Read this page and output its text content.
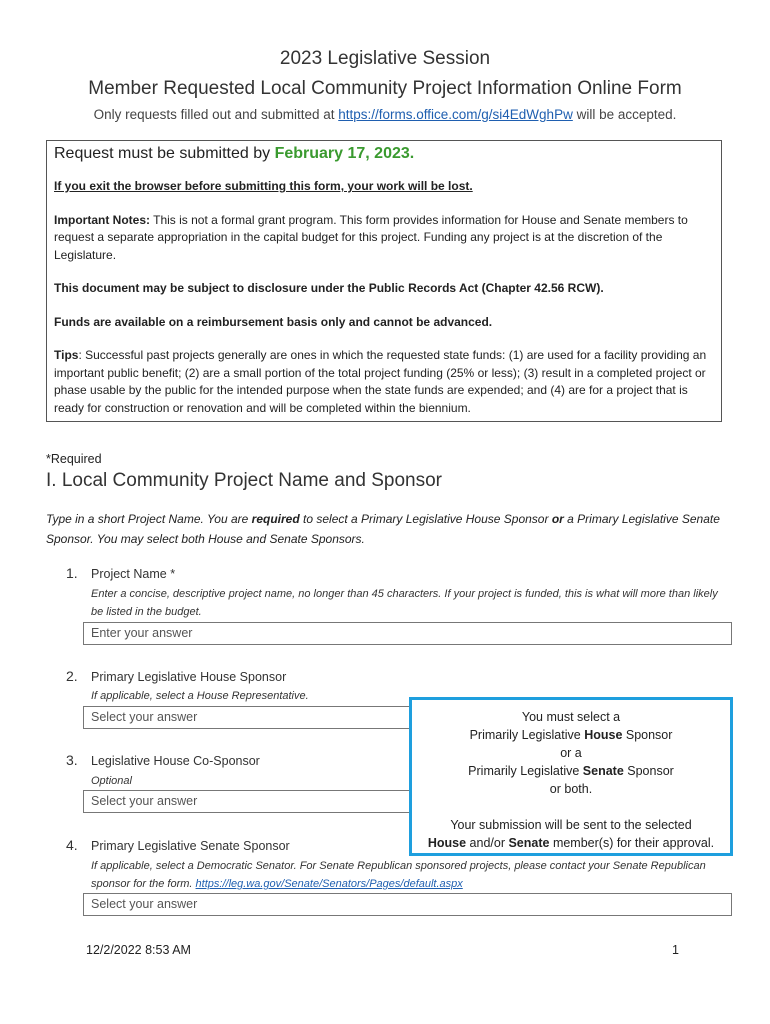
2023 Legislative Session
Member Requested Local Community Project Information Online Form
Only requests filled out and submitted at https://forms.office.com/g/si4EdWghPw will be accepted.
Request must be submitted by February 17, 2023.

If you exit the browser before submitting this form, your work will be lost.

Important Notes: This is not a formal grant program. This form provides information for House and Senate members to request a separate appropriation in the capital budget for this project. Funding any project is at the discretion of the Legislature.

This document may be subject to disclosure under the Public Records Act (Chapter 42.56 RCW).

Funds are available on a reimbursement basis only and cannot be advanced.

Tips: Successful past projects generally are ones in which the requested state funds: (1) are used for a facility providing an important public benefit; (2) are a small portion of the total project funding (25% or less); (3) result in a completed project or phase usable by the public for the intended purpose when the state funds are expended; and (4) are for a project that is ready for construction or renovation and will be completed within the biennium.

*Required
I. Local Community Project Name and Sponsor
Type in a short Project Name. You are required to select a Primary Legislative House Sponsor or a Primary Legislative Senate Sponsor. You may select both House and Senate Sponsors.
1. Project Name *
Enter a concise, descriptive project name, no longer than 45 characters. If your project is funded, this is what will more than likely be listed in the budget.
Enter your answer
2. Primary Legislative House Sponsor
If applicable, select a House Representative.
Select your answer
3. Legislative House Co-Sponsor
Optional
Select your answer
4. Primary Legislative Senate Sponsor
If applicable, select a Democratic Senator. For Senate Republican sponsored projects, please contact your Senate Republican sponsor for the form. https://leg.wa.gov/Senate/Senators/Pages/default.aspx
Select your answer
You must select a
Primarily Legislative House Sponsor
or a
Primarily Legislative Senate Sponsor
or both.
Your submission will be sent to the selected
House and/or Senate member(s) for their approval.
12/2/2022 8:53 AM	1
